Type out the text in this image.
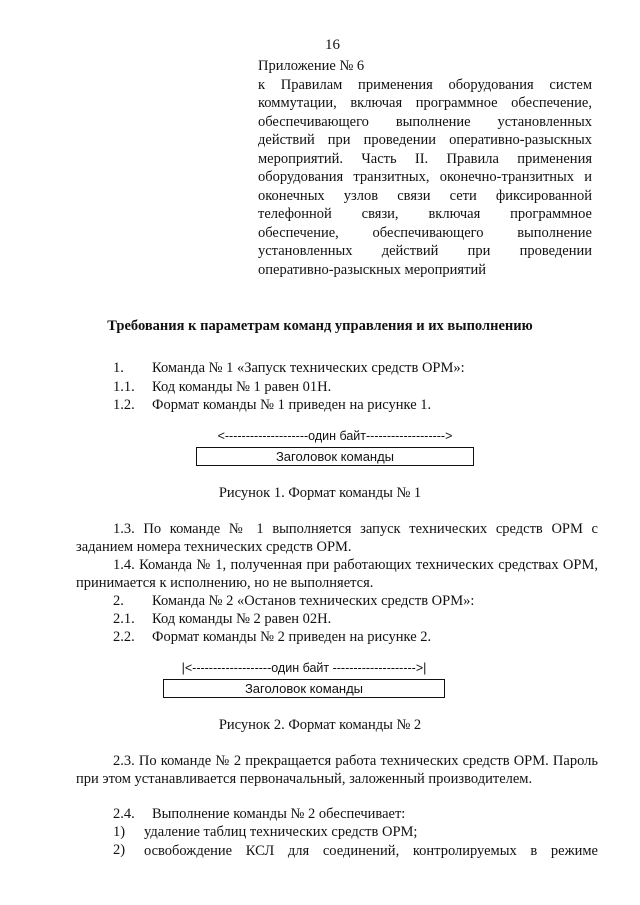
16
Приложение № 6
к Правилам применения оборудования систем коммутации, включая программное обеспечение, обеспечивающего выполнение установленных действий при проведении оперативно-разыскных мероприятий. Часть II. Правила применения оборудования транзитных, оконечно-транзитных и оконечных узлов связи сети фиксированной телефонной связи, включая программное обеспечение, обеспечивающего выполнение установленных действий при проведении оперативно-разыскных мероприятий
Требования к параметрам команд управления и их выполнению
1. Команда № 1 «Запуск технических средств ОРМ»:
1.1. Код команды № 1 равен 01Н.
1.2. Формат команды № 1 приведен на рисунке 1.
<--------------------один байт------------------->
Заголовок команды
Рисунок 1. Формат команды № 1
1.3. По команде № 1 выполняется запуск технических средств ОРМ с заданием номера технических средств ОРМ.
1.4. Команда № 1, полученная при работающих технических средствах ОРМ, принимается к исполнению, но не выполняется.
2. Команда № 2 «Останов технических средств ОРМ»:
2.1. Код команды № 2 равен 02Н.
2.2. Формат команды № 2 приведен на рисунке 2.
|<-------------------один байт -------------------->|
Заголовок команды
Рисунок 2. Формат команды № 2
2.3. По команде № 2 прекращается работа технических средств ОРМ. Пароль при этом устанавливается первоначальный, заложенный производителем.
2.4. Выполнение команды № 2 обеспечивает:
1) удаление таблиц технических средств ОРМ;
2) освобождение КСЛ для соединений, контролируемых в режиме
